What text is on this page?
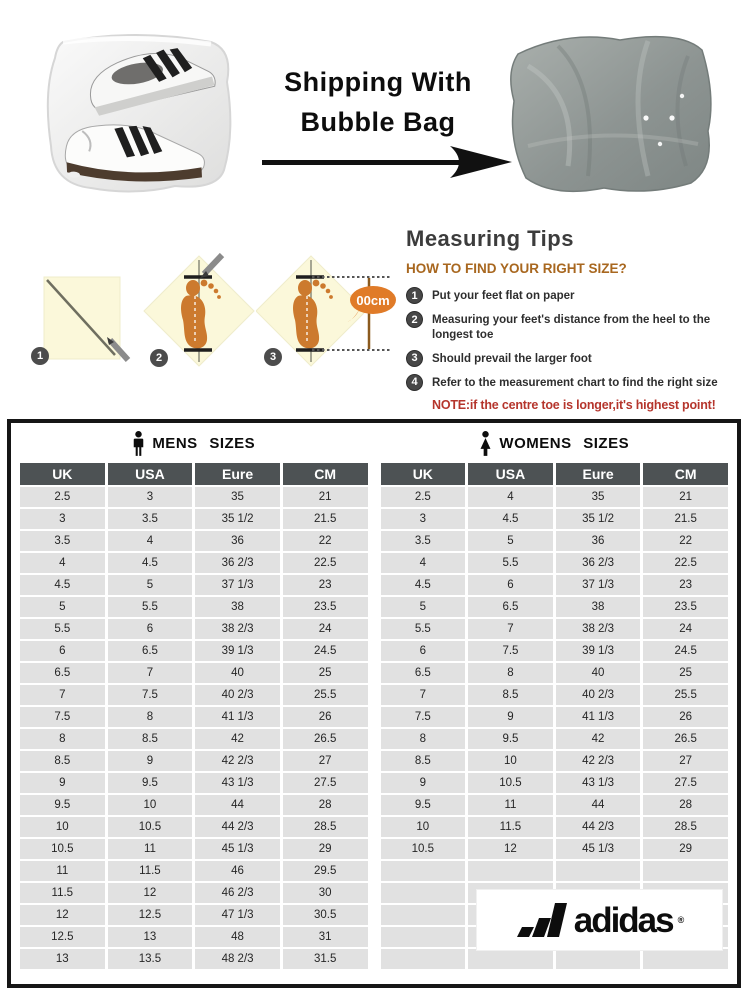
Shipping With
Bubble Bag
00cm
1	2	3
Measuring Tips
HOW TO FIND YOUR RIGHT SIZE?
1	Put your feet flat on paper
2	Measuring your feet's distance from the heel to the longest toe
3	Should prevail the larger foot
4	Refer to the measurement chart to find the right size
NOTE:if the centre toe is longer,it's highest point!
MENS SIZES
UK	USA	Eure	CM
2.5	3	35	21
3	3.5	35 1/2	21.5
3.5	4	36	22
4	4.5	36 2/3	22.5
4.5	5	37 1/3	23
5	5.5	38	23.5
5.5	6	38 2/3	24
6	6.5	39 1/3	24.5
6.5	7	40	25
7	7.5	40 2/3	25.5
7.5	8	41 1/3	26
8	8.5	42	26.5
8.5	9	42 2/3	27
9	9.5	43 1/3	27.5
9.5	10	44	28
10	10.5	44 2/3	28.5
10.5	11	45 1/3	29
11	11.5	46	29.5
11.5	12	46 2/3	30
12	12.5	47 1/3	30.5
12.5	13	48	31
13	13.5	48 2/3	31.5
WOMENS SIZES
UK	USA	Eure	CM
2.5	4	35	21
3	4.5	35 1/2	21.5
3.5	5	36	22
4	5.5	36 2/3	22.5
4.5	6	37 1/3	23
5	6.5	38	23.5
5.5	7	38 2/3	24
6	7.5	39 1/3	24.5
6.5	8	40	25
7	8.5	40 2/3	25.5
7.5	9	41 1/3	26
8	9.5	42	26.5
8.5	10	42 2/3	27
9	10.5	43 1/3	27.5
9.5	11	44	28
10	11.5	44 2/3	28.5
10.5	12	45 1/3	29

adidas ®
